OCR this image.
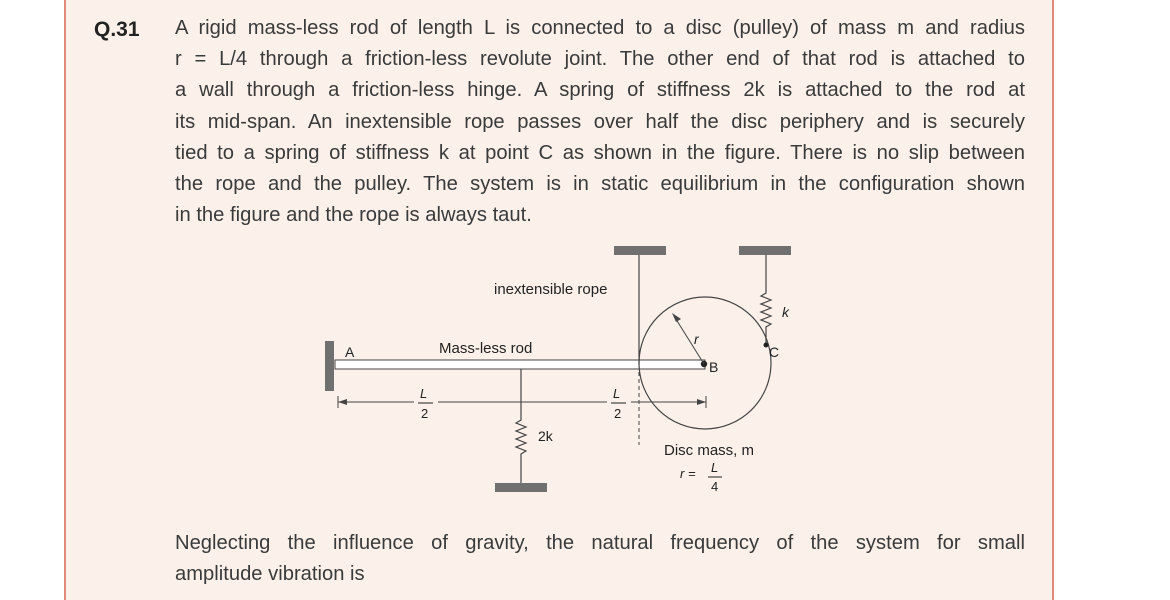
Q.31 A rigid mass-less rod of length L is connected to a disc (pulley) of mass m and radius
r = L/4 through a friction-less revolute joint. The other end of that rod is attached to
a wall through a friction-less hinge. A spring of stiffness 2k is attached to the rod at
its mid-span. An inextensible rope passes over half the disc periphery and is securely
tied to a spring of stiffness k at point C as shown in the figure. There is no slip between
the rope and the pulley. The system is in static equilibrium in the configuration shown
in the figure and the rope is always taut.
A	Mass-less rod
B
r
inextensible rope
k
C
2k
L
2
L
2
Disc mass, m
r = L
4
Neglecting the influence of gravity, the natural frequency of the system for small
amplitude vibration is
